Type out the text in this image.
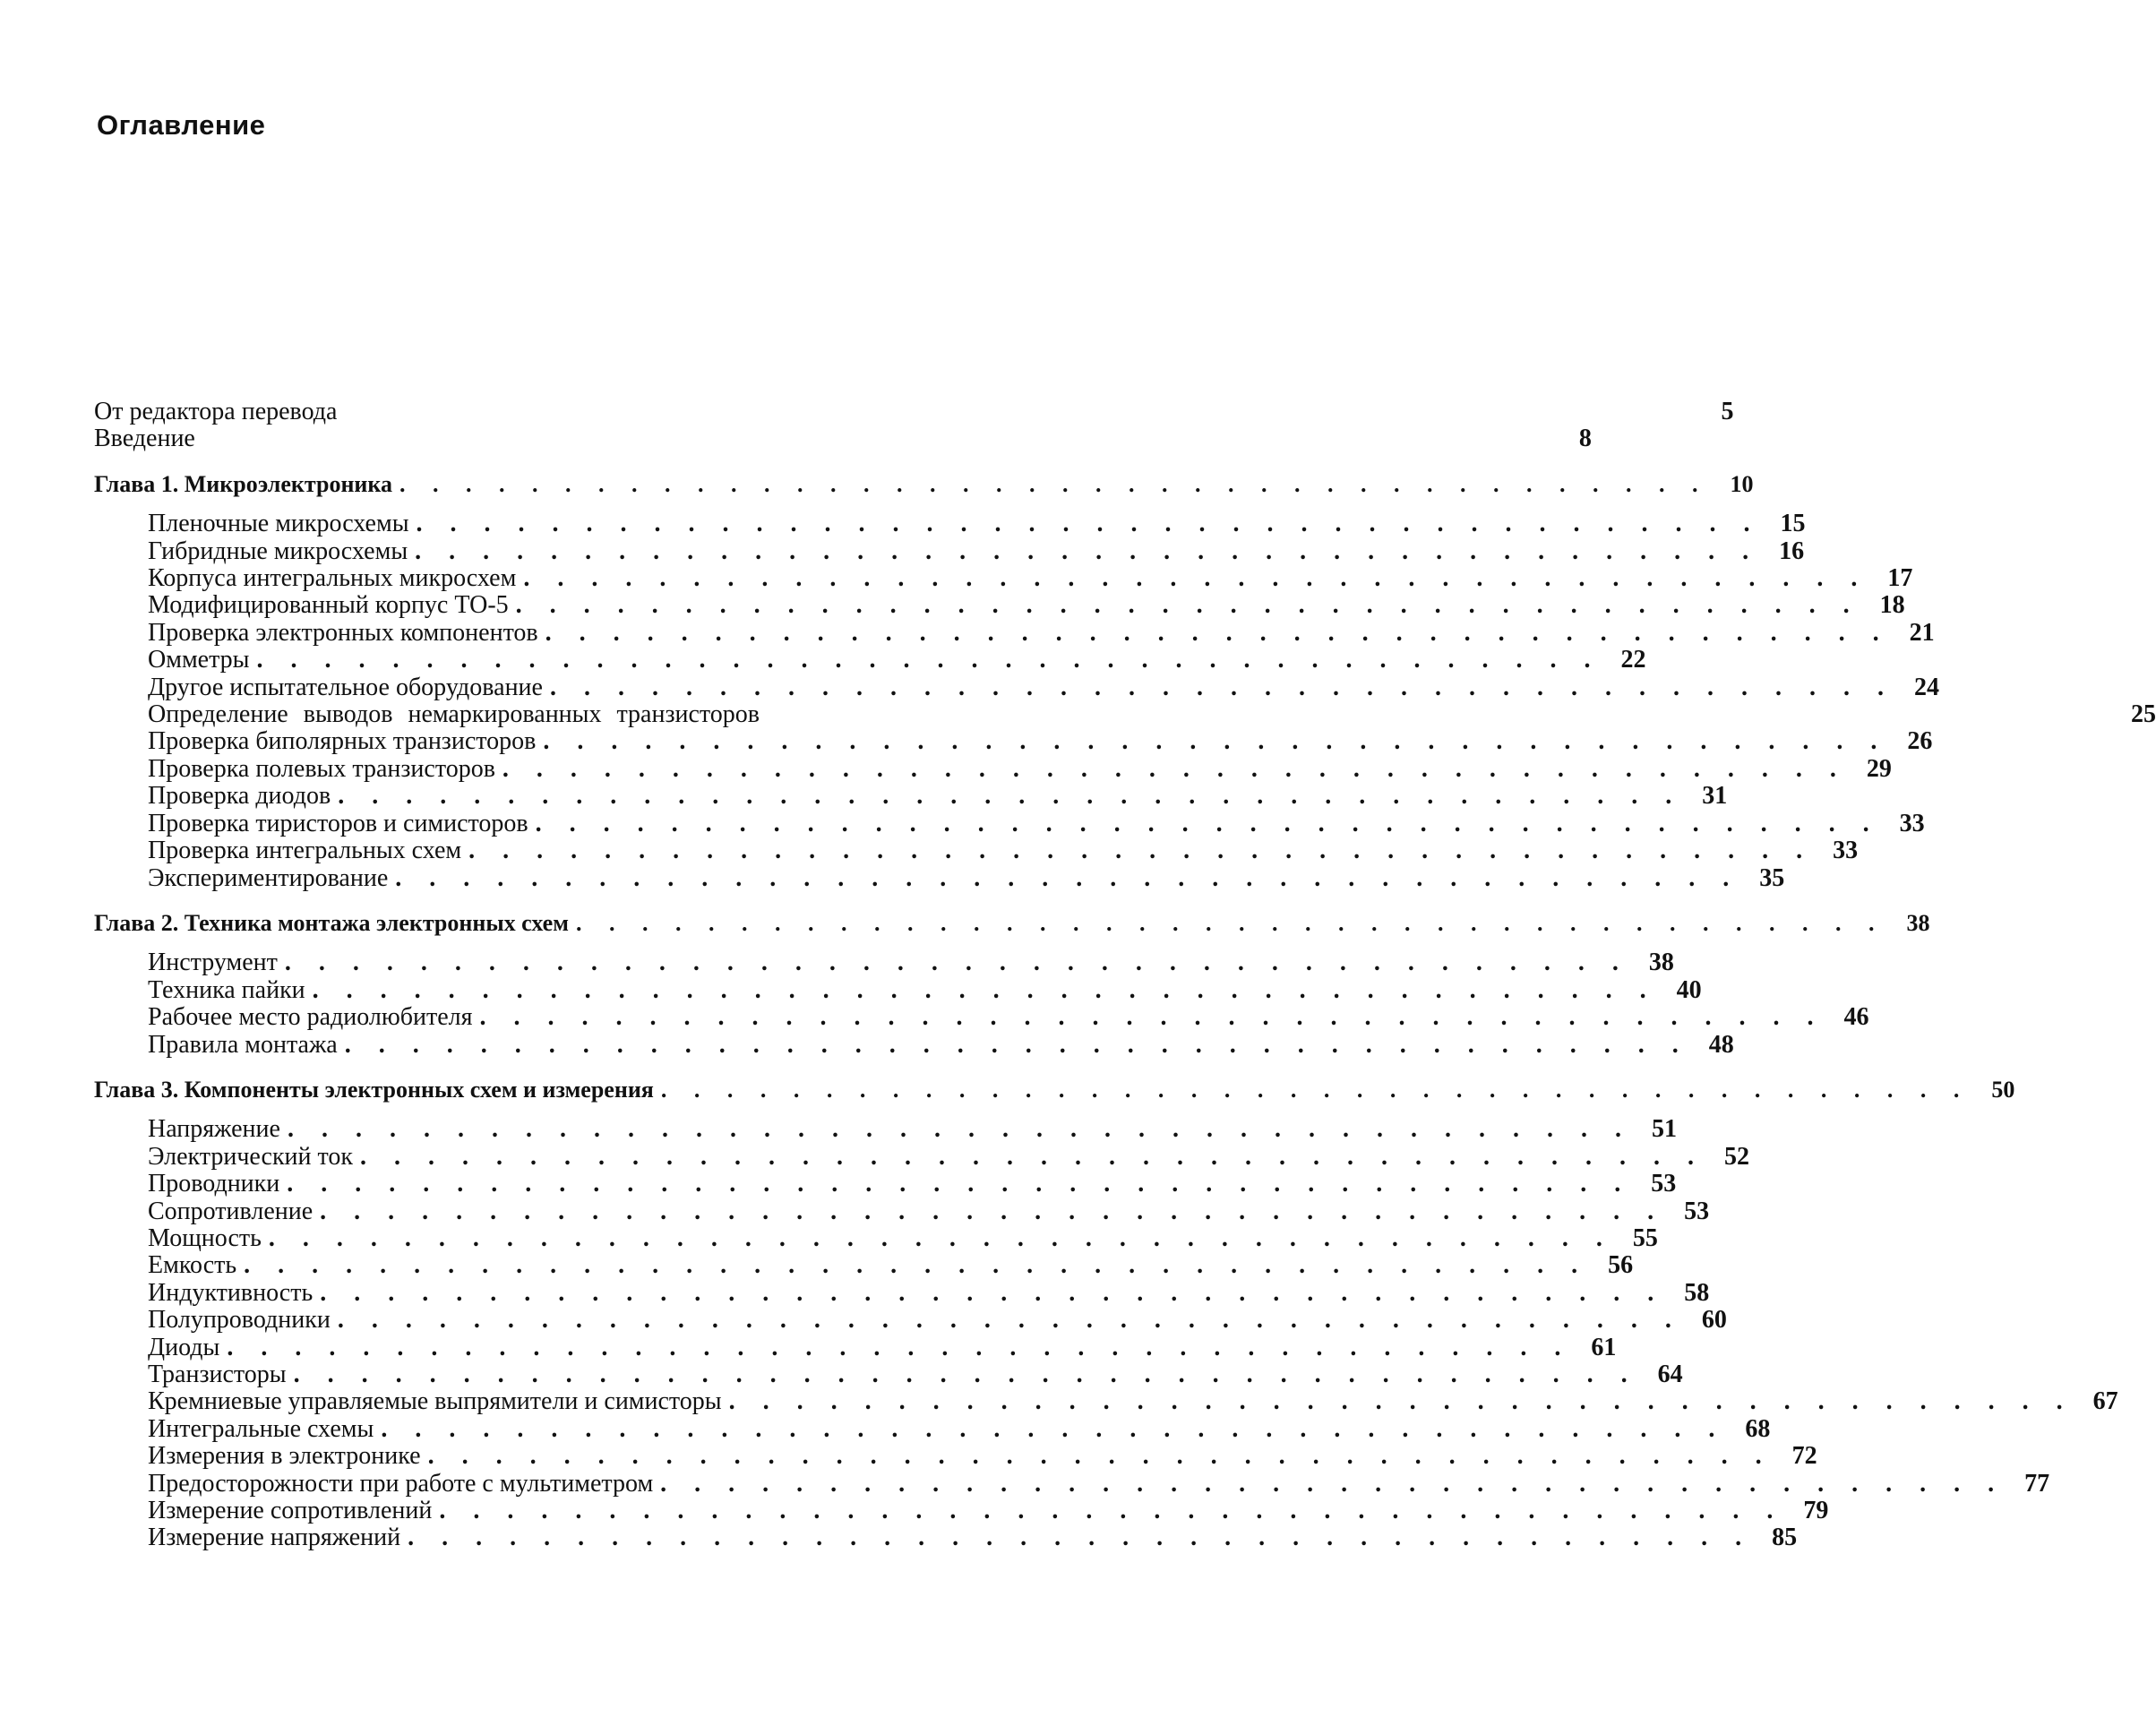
Оглавление
От редактора перевода	5
Введение	8
Глава 1. Микроэлектроника . . . . . . . . . . . . . . . . . . . . . . . . . . . . . . . . . . . . . . . . 10
Пленочные микросхемы . . . . . . . . . . . . . . . . . . . . . . . . . . . . . . . . . . . . . . . . 15
Гибридные микросхемы . . . . . . . . . . . . . . . . . . . . . . . . . . . . . . . . . . . . . . . . 16
Корпуса интегральных микросхем . . . . . . . . . . . . . . . . . . . . . . . . . . . . . . . . . . . . . . . . 17
Модифицированный корпус ТО-5 . . . . . . . . . . . . . . . . . . . . . . . . . . . . . . . . . . . . . . . . 18
Проверка электронных компонентов . . . . . . . . . . . . . . . . . . . . . . . . . . . . . . . . . . . . . . . . 21
Омметры . . . . . . . . . . . . . . . . . . . . . . . . . . . . . . . . . . . . . . . . 22
Другое испытательное оборудование . . . . . . . . . . . . . . . . . . . . . . . . . . . . . . . . . . . . . . . . 24
Определение выводов немаркированных транзисторов	25
Проверка биполярных транзисторов . . . . . . . . . . . . . . . . . . . . . . . . . . . . . . . . . . . . . . . . 26
Проверка полевых транзисторов . . . . . . . . . . . . . . . . . . . . . . . . . . . . . . . . . . . . . . . . 29
Проверка диодов . . . . . . . . . . . . . . . . . . . . . . . . . . . . . . . . . . . . . . . . 31
Проверка тиристоров и симисторов . . . . . . . . . . . . . . . . . . . . . . . . . . . . . . . . . . . . . . . . 33
Проверка интегральных схем . . . . . . . . . . . . . . . . . . . . . . . . . . . . . . . . . . . . . . . . 33
Экспериментирование . . . . . . . . . . . . . . . . . . . . . . . . . . . . . . . . . . . . . . . . 35
Глава 2. Техника монтажа электронных схем . . . . . . . . . . . . . . . . . . . . . . . . . . . . . . . . . . . . . . . . 38
Инструмент . . . . . . . . . . . . . . . . . . . . . . . . . . . . . . . . . . . . . . . . 38
Техника пайки . . . . . . . . . . . . . . . . . . . . . . . . . . . . . . . . . . . . . . . . 40
Рабочее место радиолюбителя . . . . . . . . . . . . . . . . . . . . . . . . . . . . . . . . . . . . . . . . 46
Правила монтажа . . . . . . . . . . . . . . . . . . . . . . . . . . . . . . . . . . . . . . . . 48
Глава 3. Компоненты электронных схем и измерения . . . . . . . . . . . . . . . . . . . . . . . . . . . . . . . . . . . . . . . . 50
Напряжение . . . . . . . . . . . . . . . . . . . . . . . . . . . . . . . . . . . . . . . . 51
Электрический ток . . . . . . . . . . . . . . . . . . . . . . . . . . . . . . . . . . . . . . . . 52
Проводники . . . . . . . . . . . . . . . . . . . . . . . . . . . . . . . . . . . . . . . . 53
Сопротивление . . . . . . . . . . . . . . . . . . . . . . . . . . . . . . . . . . . . . . . . 53
Мощность . . . . . . . . . . . . . . . . . . . . . . . . . . . . . . . . . . . . . . . . 55
Емкость . . . . . . . . . . . . . . . . . . . . . . . . . . . . . . . . . . . . . . . . 56
Индуктивность . . . . . . . . . . . . . . . . . . . . . . . . . . . . . . . . . . . . . . . . 58
Полупроводники . . . . . . . . . . . . . . . . . . . . . . . . . . . . . . . . . . . . . . . . 60
Диоды . . . . . . . . . . . . . . . . . . . . . . . . . . . . . . . . . . . . . . . . 61
Транзисторы . . . . . . . . . . . . . . . . . . . . . . . . . . . . . . . . . . . . . . . . 64
Кремниевые управляемые выпрямители и симисторы . . . . . . . . . . . . . . . . . . . . . . . . . . . . . . . . . . . . . . . . 67
Интегральные схемы . . . . . . . . . . . . . . . . . . . . . . . . . . . . . . . . . . . . . . . . 68
Измерения в электронике . . . . . . . . . . . . . . . . . . . . . . . . . . . . . . . . . . . . . . . . 72
Предосторожности при работе с мультиметром . . . . . . . . . . . . . . . . . . . . . . . . . . . . . . . . . . . . . . . . 77
Измерение сопротивлений . . . . . . . . . . . . . . . . . . . . . . . . . . . . . . . . . . . . . . . . 79
Измерение напряжений . . . . . . . . . . . . . . . . . . . . . . . . . . . . . . . . . . . . . . . . 85
